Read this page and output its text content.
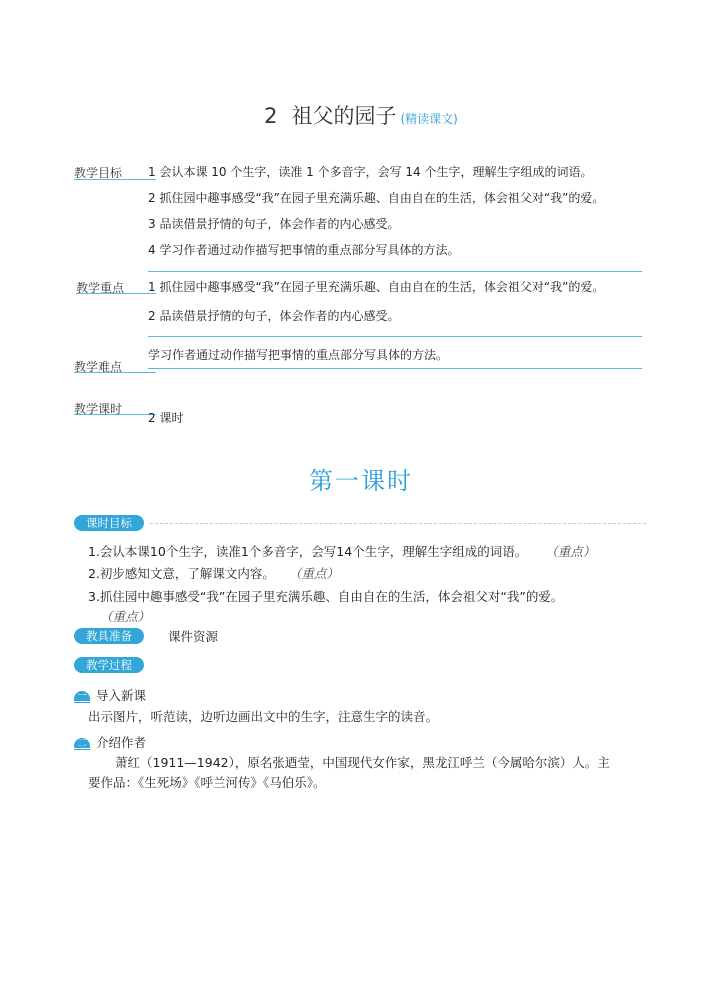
2 祖父的园子 (精读课文)
教学目标 1 会认本课 10 个生字，读准 1 个多音字，会写 14 个生字，理解生字组成的词语。
2 抓住园中趣事感受“我”在园子里充满乐趣、自由自在的生活，体会祖父对“我”的爱。
3 品读借景抒情的句子，体会作者的内心感受。
4 学习作者通过动作描写把事情的重点部分写具体的方法。
教学重点 1 抓住园中趣事感受“我”在园子里充满乐趣、自由自在的生活，体会祖父对“我”的爱。
2 品读借景抒情的句子，体会作者的内心感受。
学习作者通过动作描写把事情的重点部分写具体的方法。
教学难点
教学课时
2 课时
第一课时
课时目标
1.会认本课10个生字，读准1个多音字，会写14个生字，理解生字组成的词语。 （重点）
2.初步感知文意，了解课文内容。 （重点）
3.抓住园中趣事感受“我”在园子里充满乐趣、自由自在的生活，体会祖父对“我”的爱。
（重点）
教具准备	课件资源
教学过程
一 导入新课
出示图片，听范读，边听边画出文中的生字，注意生字的读音。
二 介绍作者
萧红（1911—1942），原名张迺莹，中国现代女作家，黑龙江呼兰（今属哈尔滨）人。主
要作品：《生死场》《呼兰河传》《马伯乐》。
